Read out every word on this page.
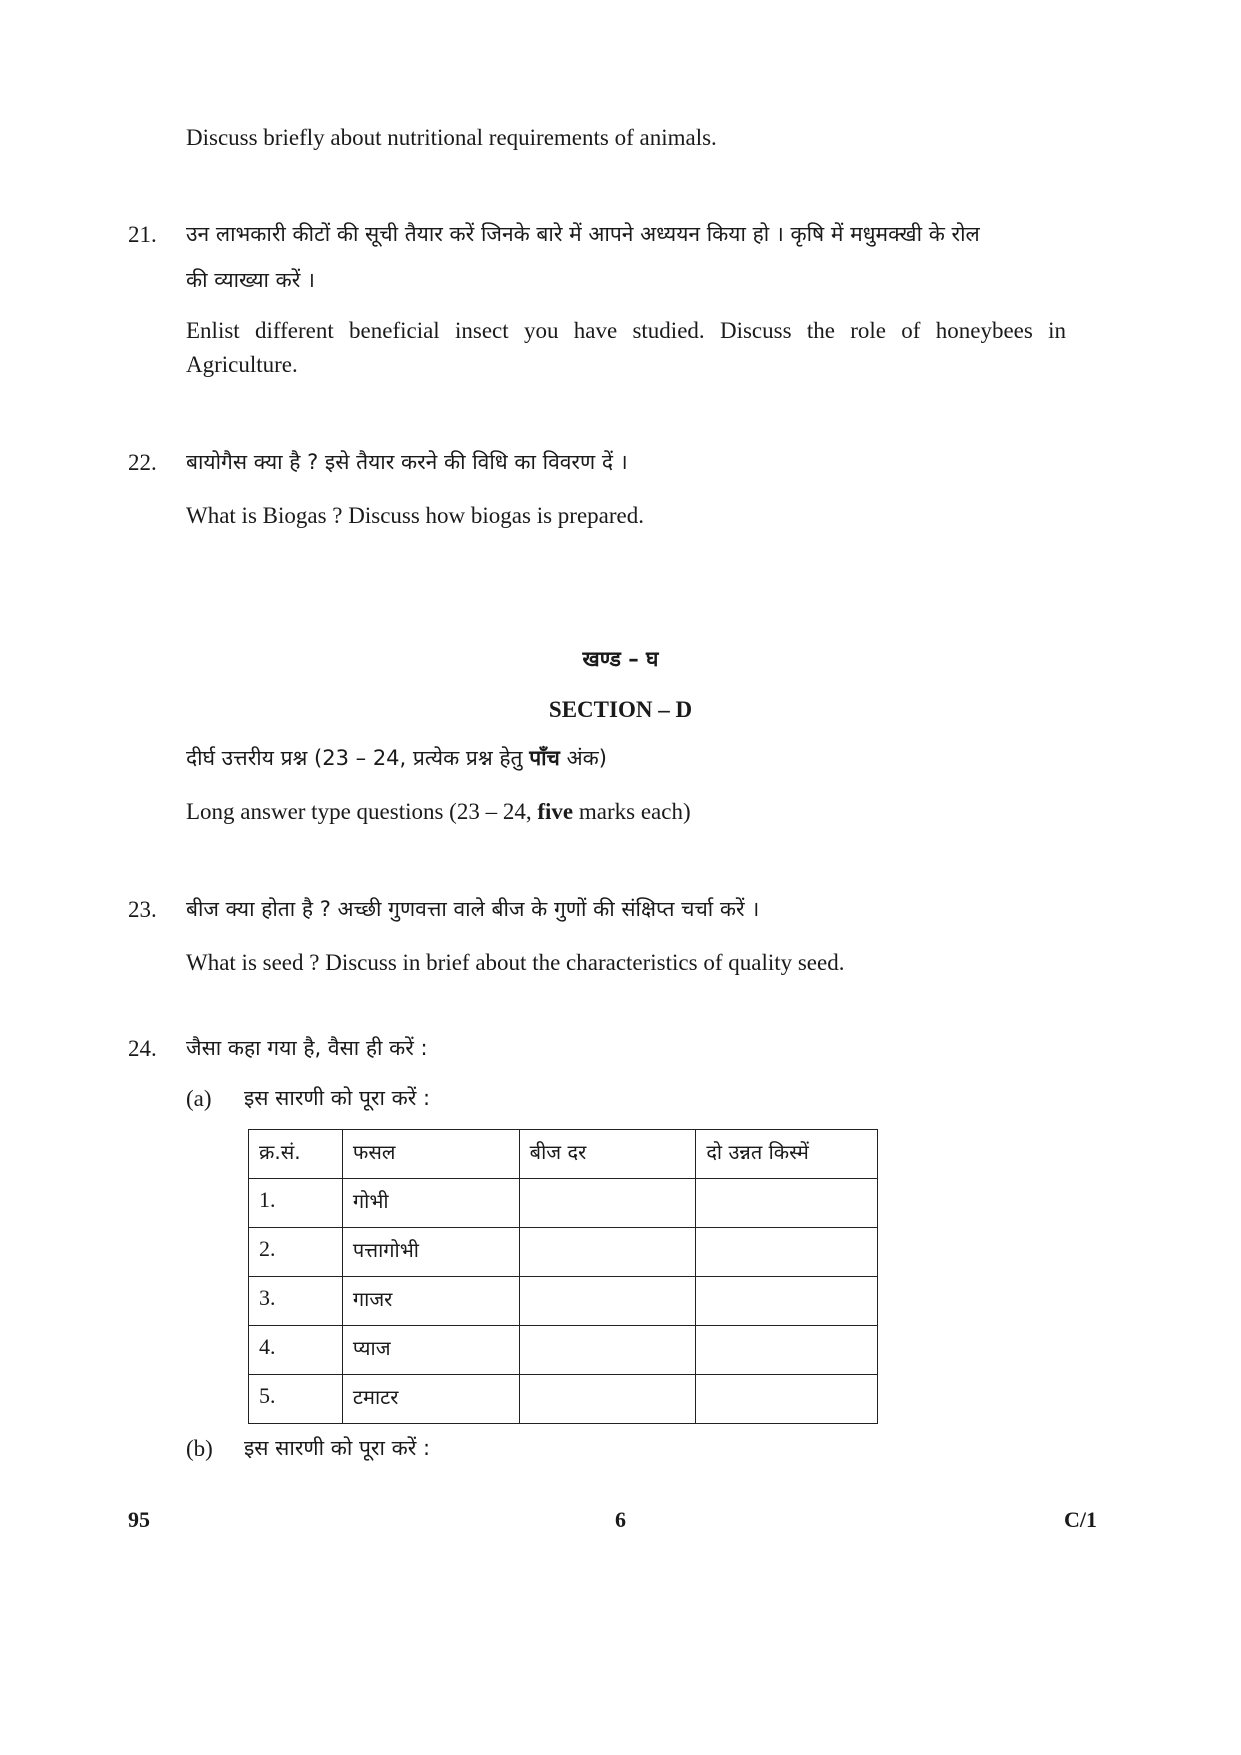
Discuss briefly about nutritional requirements of animals.
21. उन लाभकारी कीटों की सूची तैयार करें जिनके बारे में आपने अध्ययन किया हो । कृषि में मधुमक्खी के रोल
की व्याख्या करें ।
Enlist different beneficial insect you have studied. Discuss the role of honeybees in Agriculture.
22. बायोगैस क्या है ? इसे तैयार करने की विधि का विवरण दें ।
What is Biogas ? Discuss how biogas is prepared.
खण्ड – घ
SECTION – D
दीर्घ उत्तरीय प्रश्न (23 – 24, प्रत्येक प्रश्न हेतु पाँच अंक)
Long answer type questions (23 – 24, five marks each)
23. बीज क्या होता है ? अच्छी गुणवत्ता वाले बीज के गुणों की संक्षिप्त चर्चा करें ।
What is seed ? Discuss in brief about the characteristics of quality seed.
24. जैसा कहा गया है, वैसा ही करें :
(a) इस सारणी को पूरा करें :
क्र.सं.	फसल	बीज दर	दो उन्नत किस्में
1.	गोभी		
2.	पत्तागोभी		
3.	गाजर		
4.	प्याज		
5.	टमाटर		
(b) इस सारणी को पूरा करें :
95	6	C/1
